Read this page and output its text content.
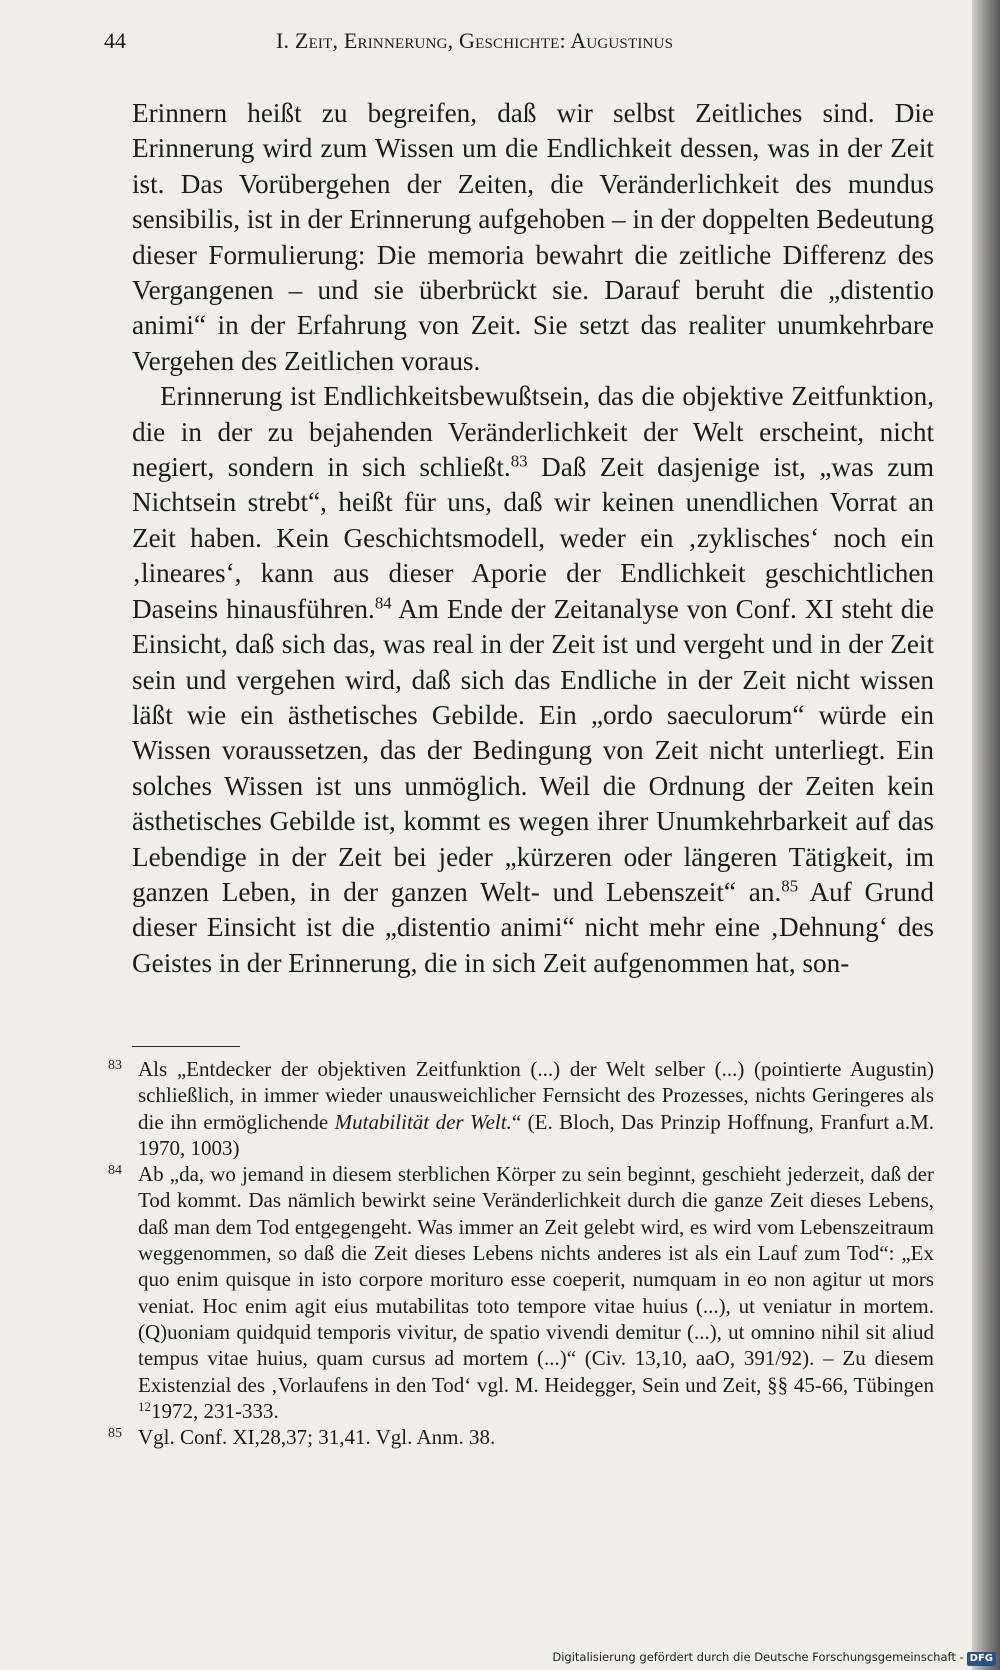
44	I. Zeit, Erinnerung, Geschichte: Augustinus

Erinnern heißt zu begreifen, daß wir selbst Zeitliches sind. Die Erinnerung wird zum Wissen um die Endlichkeit dessen, was in der Zeit ist. Das Vorübergehen der Zeiten, die Veränderlichkeit des mundus sensibilis, ist in der Erinnerung aufgehoben – in der doppelten Bedeutung dieser Formulierung: Die memoria bewahrt die zeitliche Differenz des Vergangenen – und sie überbrückt sie. Darauf beruht die „distentio animi“ in der Erfahrung von Zeit. Sie setzt das realiter unumkehrbare Vergehen des Zeitlichen voraus.

Erinnerung ist Endlichkeitsbewußtsein, das die objektive Zeitfunktion, die in der zu bejahenden Veränderlichkeit der Welt erscheint, nicht negiert, sondern in sich schließt.$^{83}$ Daß Zeit dasjenige ist, „was zum Nichtsein strebt“, heißt für uns, daß wir keinen unendlichen Vorrat an Zeit haben. Kein Geschichtsmodell, weder ein ‚zyklisches‘ noch ein ‚lineares‘, kann aus dieser Aporie der Endlichkeit geschichtlichen Daseins hinausführen.$^{84}$ Am Ende der Zeitanalyse von Conf. XI steht die Einsicht, daß sich das, was real in der Zeit ist und vergeht und in der Zeit sein und vergehen wird, daß sich das Endliche in der Zeit nicht wissen läßt wie ein ästhetisches Gebilde. Ein „ordo saeculorum“ würde ein Wissen voraussetzen, das der Bedingung von Zeit nicht unterliegt. Ein solches Wissen ist uns unmöglich. Weil die Ordnung der Zeiten kein ästhetisches Gebilde ist, kommt es wegen ihrer Unumkehrbarkeit auf das Lebendige in der Zeit bei jeder „kürzeren oder längeren Tätigkeit, im ganzen Leben, in der ganzen Welt- und Lebenszeit“ an.$^{85}$ Auf Grund dieser Einsicht ist die „distentio animi“ nicht mehr eine ‚Dehnung‘ des Geistes in der Erinnerung, die in sich Zeit aufgenommen hat, son-

83 Als „Entdecker der objektiven Zeitfunktion (...) der Welt selber (...) (pointierte Augustin) schließlich, in immer wieder unausweichlicher Fernsicht des Prozesses, nichts Geringeres als die ihn ermöglichende Mutabilität der Welt.“ (E. Bloch, Das Prinzip Hoffnung, Franfurt a.M. 1970, 1003)
84 Ab „da, wo jemand in diesem sterblichen Körper zu sein beginnt, geschieht jederzeit, daß der Tod kommt. Das nämlich bewirkt seine Veränderlichkeit durch die ganze Zeit dieses Lebens, daß man dem Tod entgegengeht. Was immer an Zeit gelebt wird, es wird vom Lebenszeitraum weggenommen, so daß die Zeit dieses Lebens nichts anderes ist als ein Lauf zum Tod“: „Ex quo enim quisque in isto corpore morituro esse coeperit, numquam in eo non agitur ut mors veniat. Hoc enim agit eius mutabilitas toto tempore vitae huius (...), ut veniatur in mortem. (Q)uoniam quidquid temporis vivitur, de spatio vivendi demitur (...), ut omnino nihil sit aliud tempus vitae huius, quam cursus ad mortem (...)“ (Civ. 13,10, aaO, 391/92). – Zu diesem Existenzial des ‚Vorlaufens in den Tod‘ vgl. M. Heidegger, Sein und Zeit, §§ 45-66, Tübingen $^{12}$1972, 231-333.
85 Vgl. Conf. XI,28,37; 31,41. Vgl. Anm. 38.
Digitalisierung gefördert durch die Deutsche Forschungsgemeinschaft - DFG
